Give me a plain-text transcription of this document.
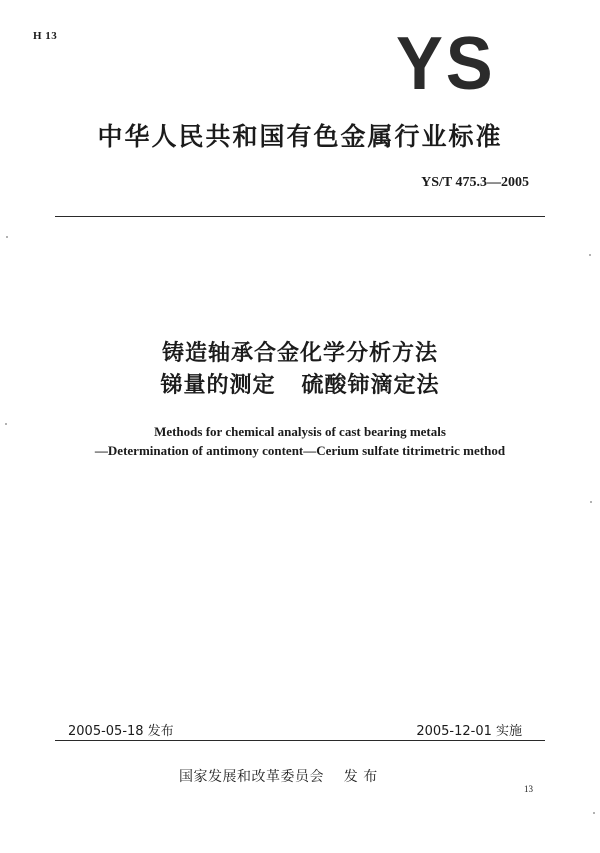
H 13	YS
中华人民共和国有色金属行业标准
YS/T 475.3—2005
铸造轴承合金化学分析方法
锑量的测定   硫酸铈滴定法
Methods for chemical analysis of cast bearing metals
—Determination of antimony content—Cerium sulfate titrimetric method
2005-05-18 发布	2005-12-01 实施
国家发展和改革委员会    发 布
13
